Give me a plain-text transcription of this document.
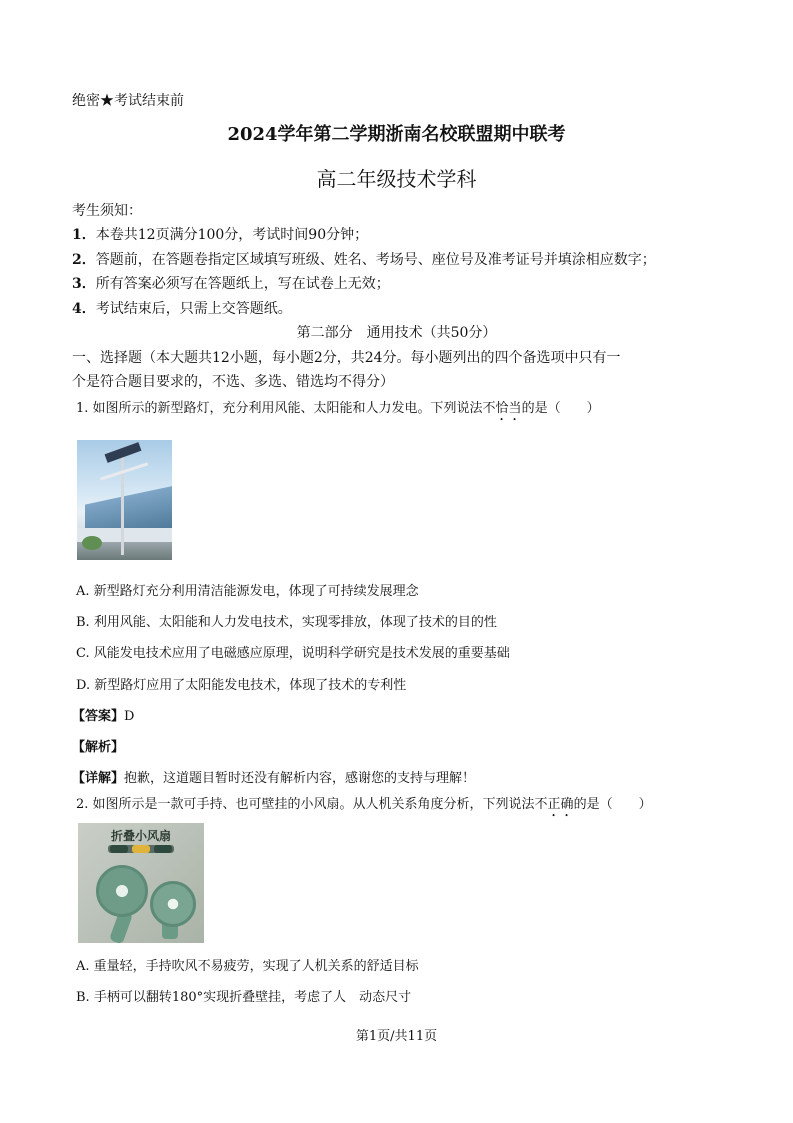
绝密★考试结束前
2024学年第二学期浙南名校联盟期中联考
高二年级技术学科
考生须知：
1．本卷共12页满分100分，考试时间90分钟；
2．答题前，在答题卷指定区域填写班级、姓名、考场号、座位号及准考证号并填涂相应数字；
3．所有答案必须写在答题纸上，写在试卷上无效；
4．考试结束后，只需上交答题纸。
第二部分　通用技术（共50分）
一、选择题（本大题共12小题，每小题2分，共24分。每小题列出的四个备选项中只有一
个是符合题目要求的，不选、多选、错选均不得分）
1. 如图所示的新型路灯，充分利用风能、太阳能和人力发电。下列说法不恰当的是（　　）
A. 新型路灯充分利用清洁能源发电，体现了可持续发展理念
B. 利用风能、太阳能和人力发电技术，实现零排放，体现了技术的目的性
C. 风能发电技术应用了电磁感应原理，说明科学研究是技术发展的重要基础
D. 新型路灯应用了太阳能发电技术，体现了技术的专利性
【答案】D
【解析】
【详解】抱歉，这道题目暂时还没有解析内容，感谢您的支持与理解！
2. 如图所示是一款可手持、也可壁挂的小风扇。从人机关系角度分析，下列说法不正确的是（　　）
折叠小风扇
A. 重量轻，手持吹风不易疲劳，实现了人机关系的舒适目标
B. 手柄可以翻转180°实现折叠壁挂，考虑了人　动态尺寸
第1页/共11页
